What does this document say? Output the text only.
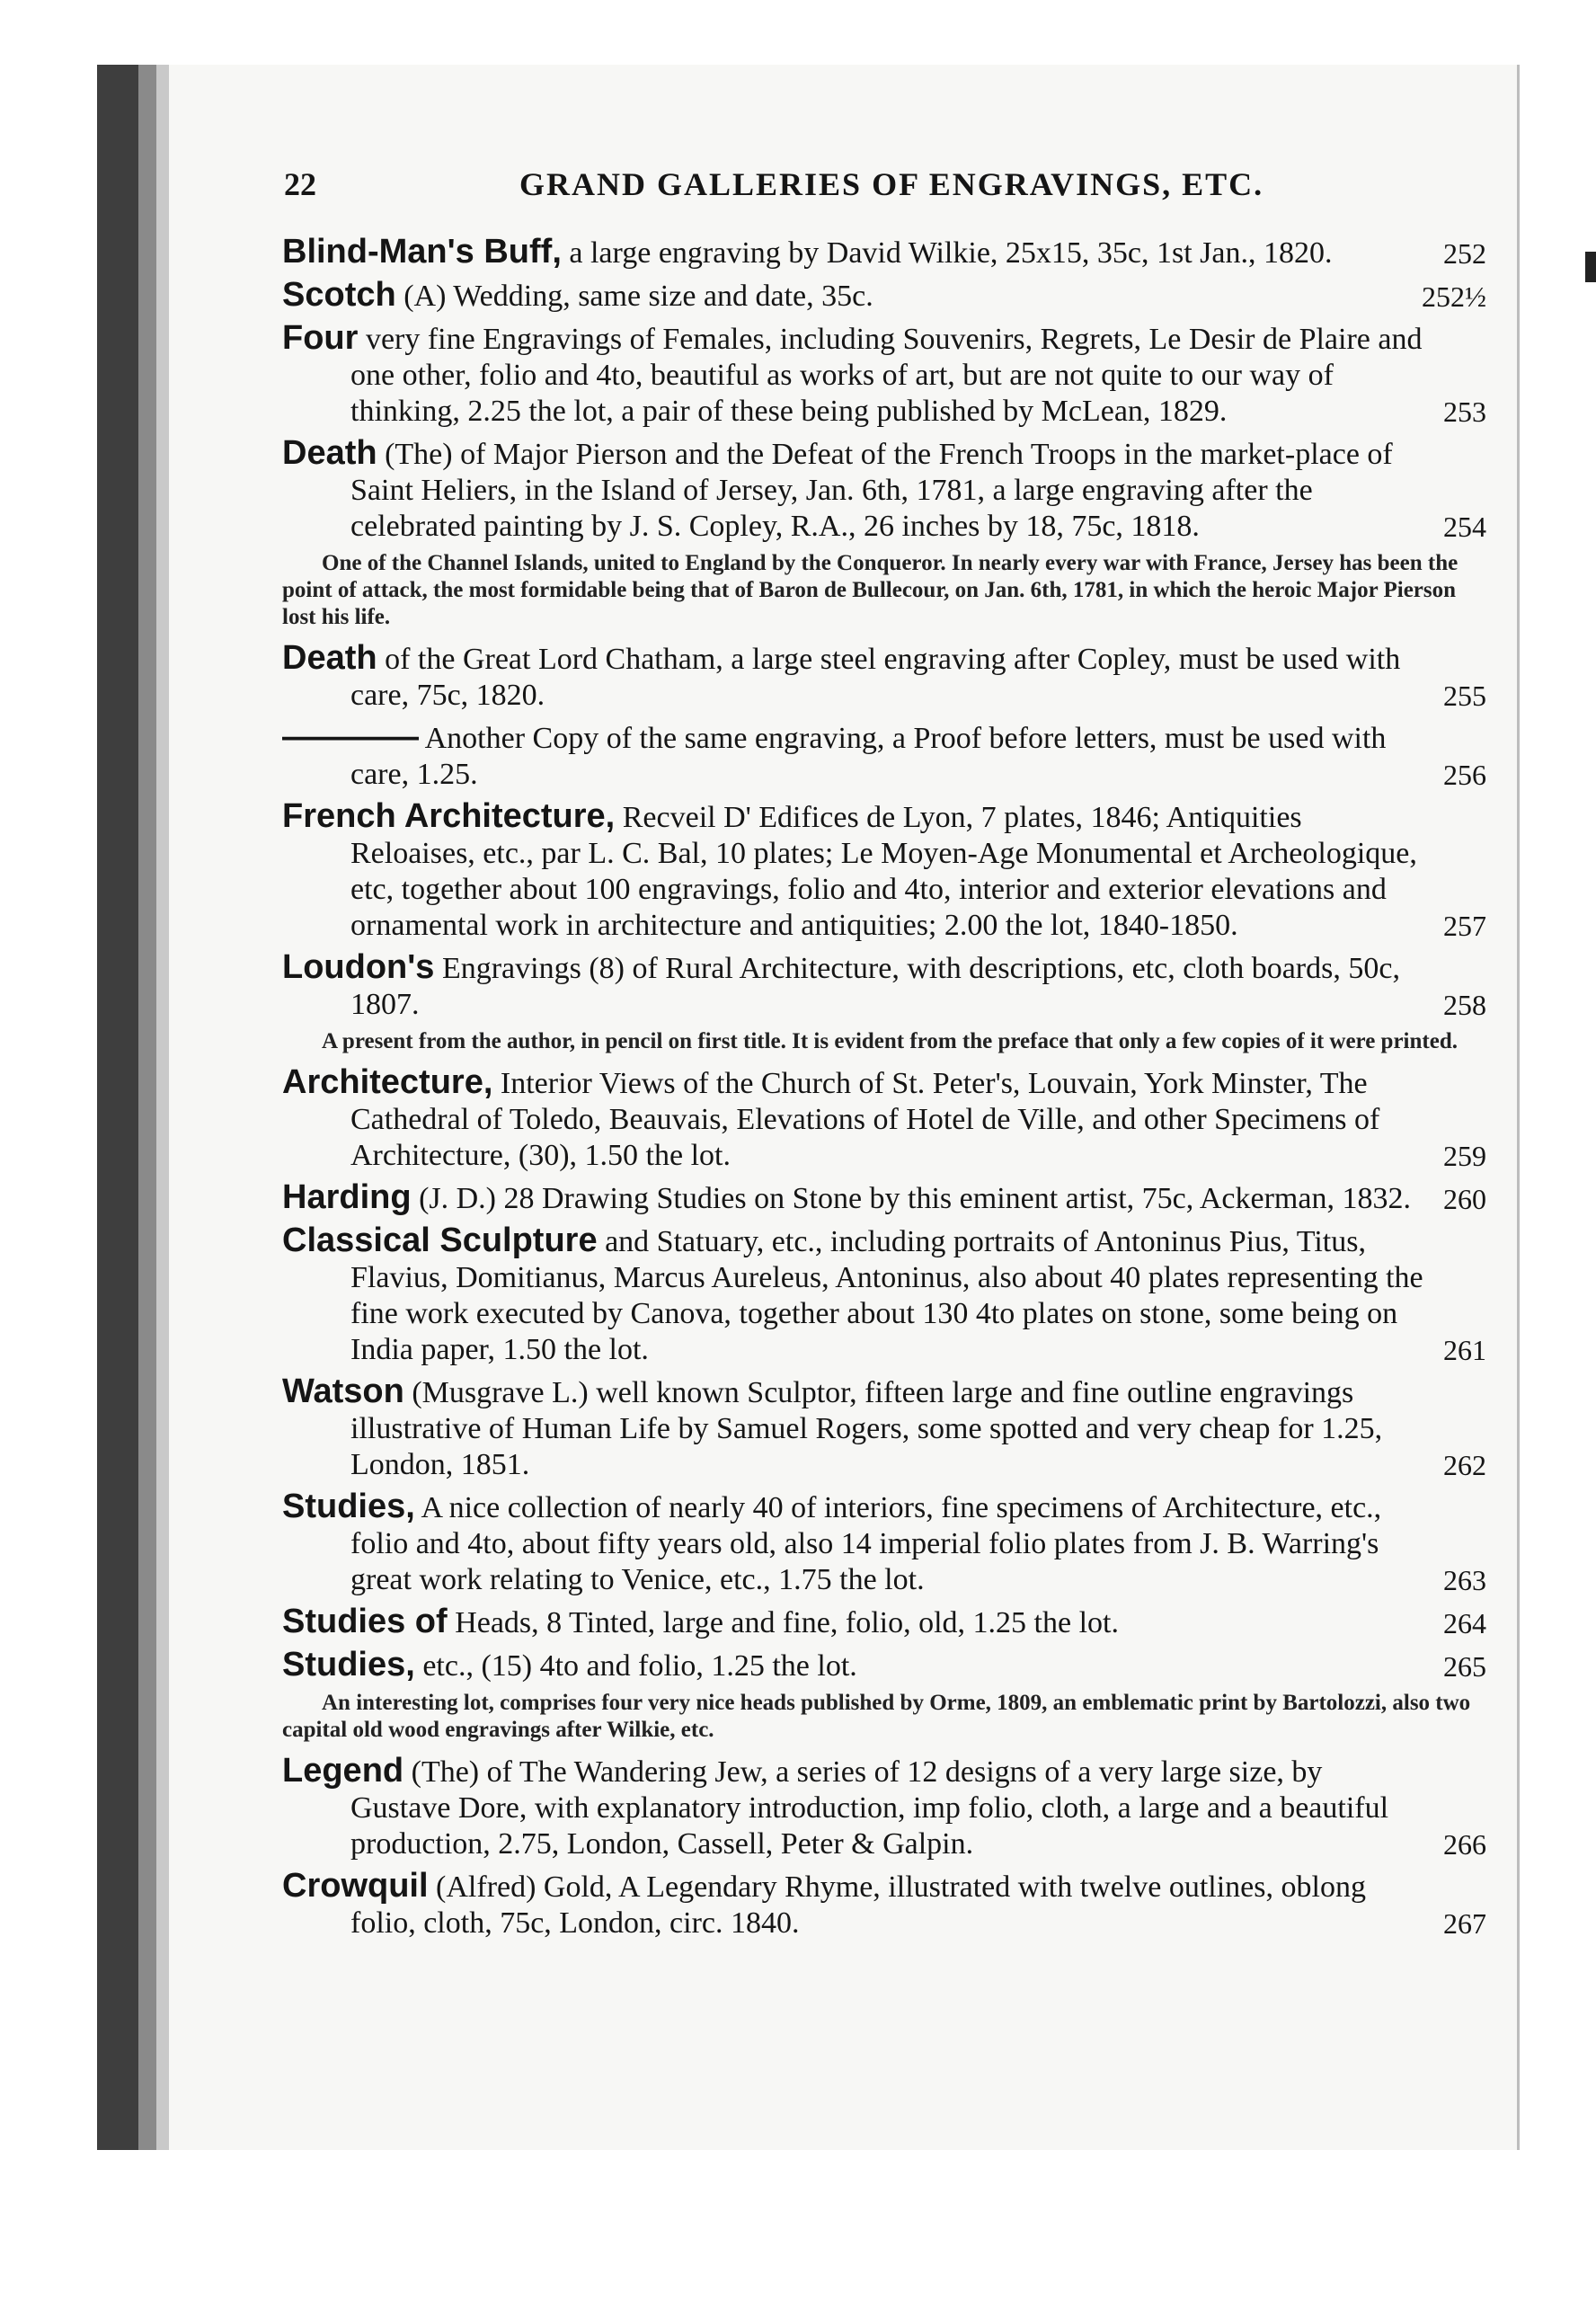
22	GRAND GALLERIES OF ENGRAVINGS, ETC.
Blind-Man's Buff, a large engraving by David Wilkie, 25x15, 35c, 1st Jan., 1820.	252
Scotch (A) Wedding, same size and date, 35c.	252½
Four very fine Engravings of Females, including Souvenirs, Regrets, Le Desir de Plaire and one other, folio and 4to, beautiful as works of art, but are not quite to our way of thinking, 2.25 the lot, a pair of these being published by McLean, 1829.	253
Death (The) of Major Pierson and the Defeat of the French Troops in the market-place of Saint Heliers, in the Island of Jersey, Jan. 6th, 1781, a large engraving after the celebrated painting by J. S. Copley, R.A., 26 inches by 18, 75c, 1818.	254
One of the Channel Islands, united to England by the Conqueror. In nearly every war with France, Jersey has been the point of attack, the most formidable being that of Baron de Bullecour, on Jan. 6th, 1781, in which the heroic Major Pierson lost his life.
Death of the Great Lord Chatham, a large steel engraving after Copley, must be used with care, 75c, 1820.	255
———— Another Copy of the same engraving, a Proof before letters, must be used with care, 1.25.	256
French Architecture, Recveil D' Edifices de Lyon, 7 plates, 1846; Antiquities Reloaises, etc., par L. C. Bal, 10 plates; Le Moyen-Age Monumental et Archeologique, etc, together about 100 engravings, folio and 4to, interior and exterior elevations and ornamental work in architecture and antiquities; 2.00 the lot, 1840-1850.	257
Loudon's Engravings (8) of Rural Architecture, with descriptions, etc, cloth boards, 50c, 1807.	258
A present from the author, in pencil on first title. It is evident from the preface that only a few copies of it were printed.
Architecture, Interior Views of the Church of St. Peter's, Louvain, York Minster, The Cathedral of Toledo, Beauvais, Elevations of Hotel de Ville, and other Specimens of Architecture, (30), 1.50 the lot.	259
Harding (J. D.) 28 Drawing Studies on Stone by this eminent artist, 75c, Ackerman, 1832. 260
Classical Sculpture and Statuary, etc., including portraits of Antoninus Pius, Titus, Flavius, Domitianus, Marcus Aureleus, Antoninus, also about 40 plates representing the fine work executed by Canova, together about 130 4to plates on stone, some being on India paper, 1.50 the lot.	261
Watson (Musgrave L.) well known Sculptor, fifteen large and fine outline engravings illustrative of Human Life by Samuel Rogers, some spotted and very cheap for 1.25, London, 1851.	262
Studies, A nice collection of nearly 40 of interiors, fine specimens of Architecture, etc., folio and 4to, about fifty years old, also 14 imperial folio plates from J. B. Warring's great work relating to Venice, etc., 1.75 the lot.	263
Studies of Heads, 8 Tinted, large and fine, folio, old, 1.25 the lot.	264
Studies, etc., (15) 4to and folio, 1.25 the lot.	265
An interesting lot, comprises four very nice heads published by Orme, 1809, an emblematic print by Bartolozzi, also two capital old wood engravings after Wilkie, etc.
Legend (The) of The Wandering Jew, a series of 12 designs of a very large size, by Gustave Dore, with explanatory introduction, imp folio, cloth, a large and a beautiful production, 2.75, London, Cassell, Peter & Galpin.	266
Crowquil (Alfred) Gold, A Legendary Rhyme, illustrated with twelve outlines, oblong folio, cloth, 75c, London, circ. 1840.	267
